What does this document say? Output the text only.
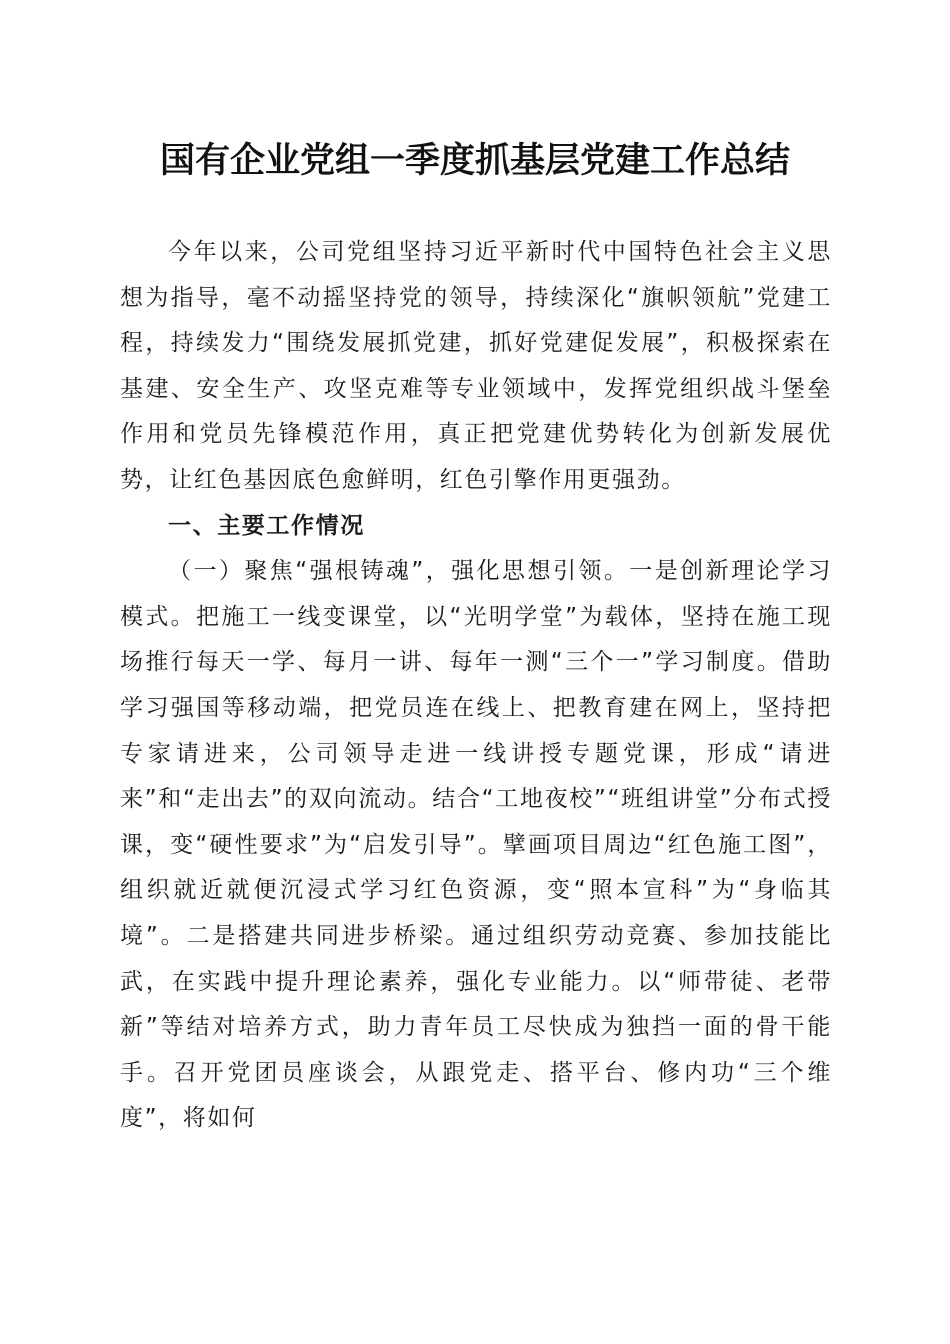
国有企业党组一季度抓基层党建工作总结

今年以来，公司党组坚持习近平新时代中国特色社会主义思想为指导，毫不动摇坚持党的领导，持续深化“旗帜领航”党建工程，持续发力“围绕发展抓党建，抓好党建促发展”，积极探索在基建、安全生产、攻坚克难等专业领域中，发挥党组织战斗堡垒作用和党员先锋模范作用，真正把党建优势转化为创新发展优势，让红色基因底色愈鲜明，红色引擎作用更强劲。

一、主要工作情况

（一）聚焦“强根铸魂”，强化思想引领。一是创新理论学习模式。把施工一线变课堂，以“光明学堂”为载体，坚持在施工现场推行每天一学、每月一讲、每年一测“三个一”学习制度。借助学习强国等移动端，把党员连在线上、把教育建在网上，坚持把专家请进来，公司领导走进一线讲授专题党课，形成“请进来”和“走出去”的双向流动。结合“工地夜校”“班组讲堂”分布式授课，变“硬性要求”为“启发引导”。擘画项目周边“红色施工图”，组织就近就便沉浸式学习红色资源，变“照本宣科”为“身临其境”。二是搭建共同进步桥梁。通过组织劳动竞赛、参加技能比武，在实践中提升理论素养，强化专业能力。以“师带徒、老带新”等结对培养方式，助力青年员工尽快成为独挡一面的骨干能手。召开党团员座谈会，从跟党走、搭平台、修内功“三个维度”，将如何
